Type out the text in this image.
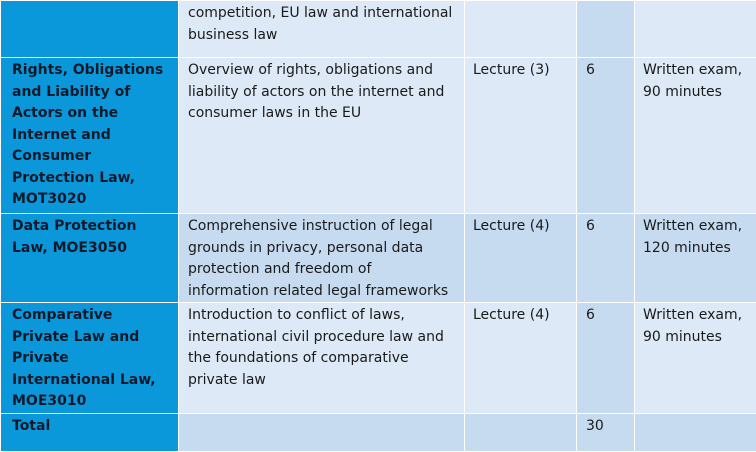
	competition, EU law and international business law			
Rights, Obligations and Liability of Actors on the Internet and Consumer Protection Law, MOT3020	Overview of rights, obligations and liability of actors on the internet and consumer laws in the EU	Lecture (3)	6	Written exam, 90 minutes
Data Protection Law, MOE3050	Comprehensive instruction of legal grounds in privacy, personal data protection and freedom of information related legal frameworks	Lecture (4)	6	Written exam, 120 minutes
Comparative Private Law and Private International Law, MOE3010	Introduction to conflict of laws, international civil procedure law and the foundations of comparative private law	Lecture (4)	6	Written exam, 90 minutes
Total			30	
